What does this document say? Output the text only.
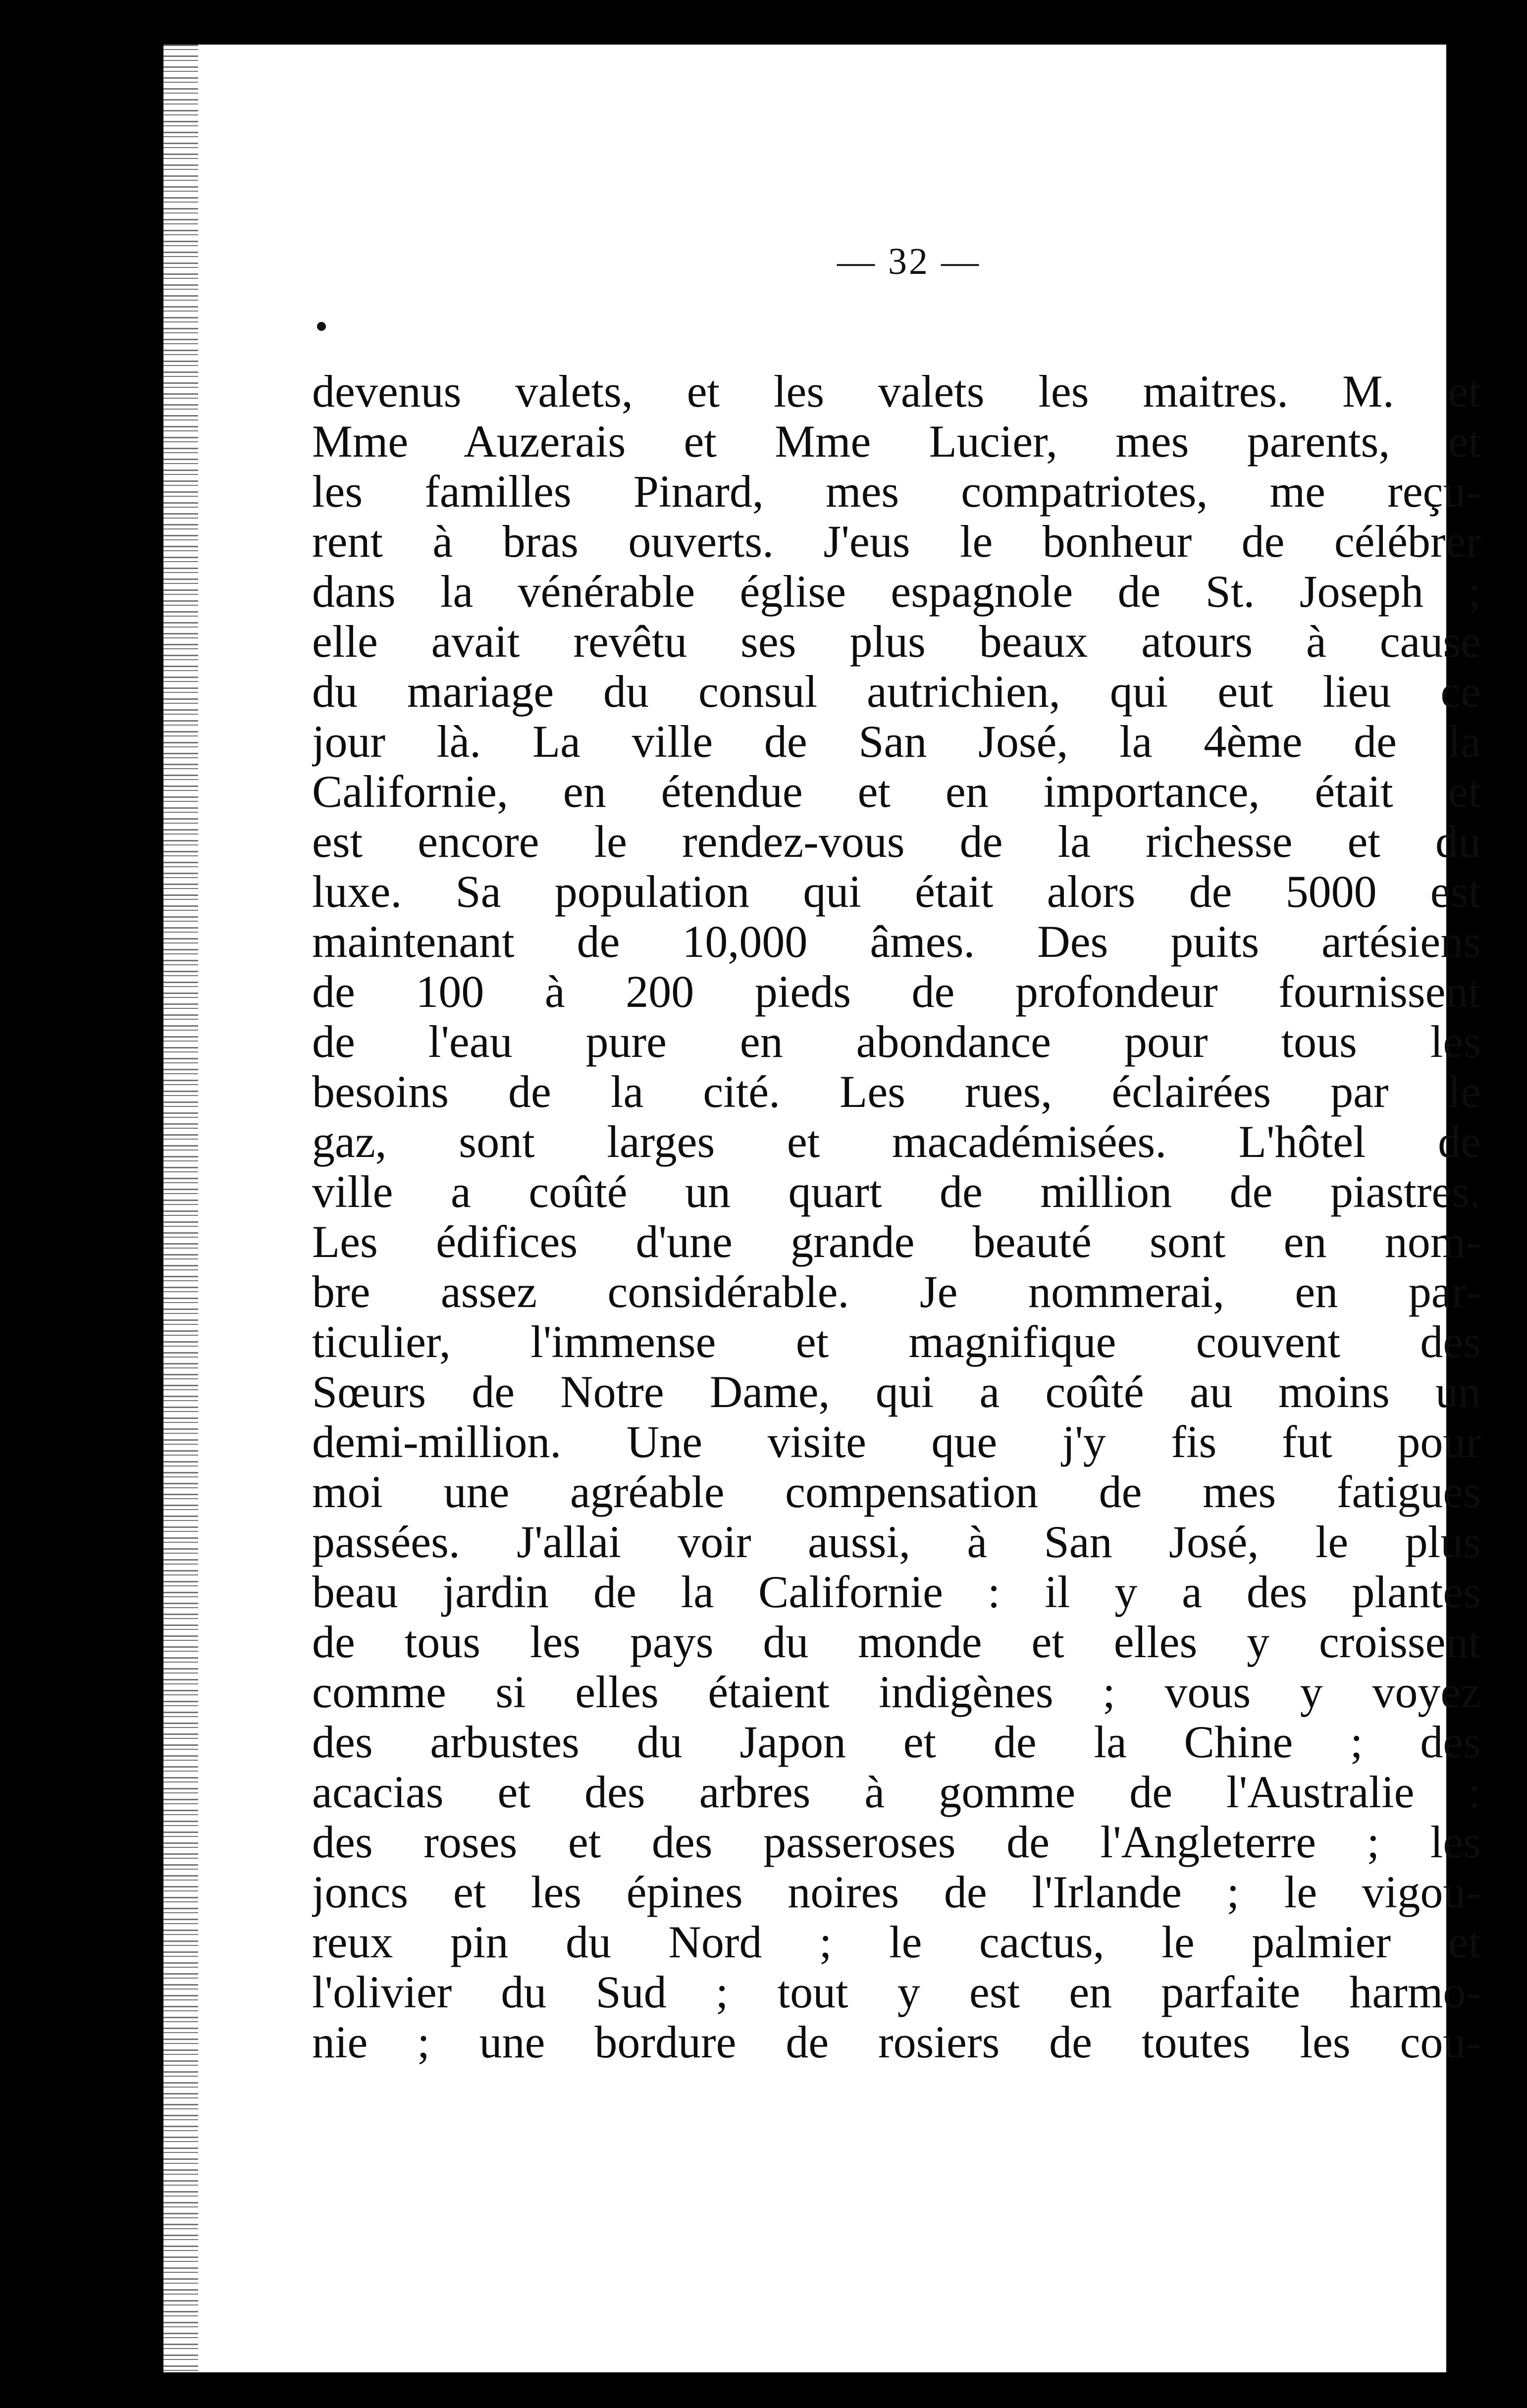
— 32 —
devenus valets, et les valets les maitres. M. et
Mme Auzerais et Mme Lucier, mes parents, et
les familles Pinard, mes compatriotes, me reçu-
rent à bras ouverts. J'eus le bonheur de célébrer
dans la vénérable église espagnole de St. Joseph ;
elle avait revêtu ses plus beaux atours à cause
du mariage du consul autrichien, qui eut lieu ce
jour là. La ville de San José, la 4ème de la
Californie, en étendue et en importance, était et
est encore le rendez-vous de la richesse et du
luxe. Sa population qui était alors de 5000 est
maintenant de 10,000 âmes. Des puits artésiens
de 100 à 200 pieds de profondeur fournissent
de l'eau pure en abondance pour tous les
besoins de la cité. Les rues, éclairées par le
gaz, sont larges et macadémisées. L'hôtel de
ville a coûté un quart de million de piastres.
Les édifices d'une grande beauté sont en nom-
bre assez considérable. Je nommerai, en par-
ticulier, l'immense et magnifique couvent des
Sœurs de Notre Dame, qui a coûté au moins un
demi-million. Une visite que j'y fis fut pour
moi une agréable compensation de mes fatigues
passées. J'allai voir aussi, à San José, le plus
beau jardin de la Californie : il y a des plantes
de tous les pays du monde et elles y croissent
comme si elles étaient indigènes ; vous y voyez
des arbustes du Japon et de la Chine ; des
acacias et des arbres à gomme de l'Australie :
des roses et des passeroses de l'Angleterre ; les
joncs et les épines noires de l'Irlande ; le vigou-
reux pin du Nord ; le cactus, le palmier et
l'olivier du Sud ; tout y est en parfaite harmo-
nie ; une bordure de rosiers de toutes les cou-
